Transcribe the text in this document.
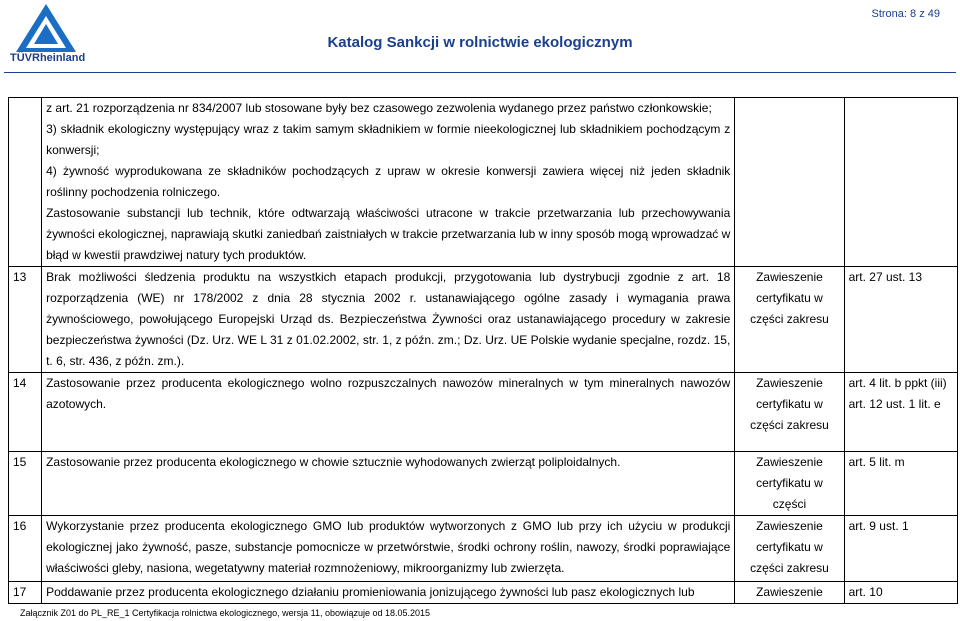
TÜVRheinland
Strona: 8 z 49
Katalog Sankcji w rolnictwie ekologicznym

	z art. 21 rozporządzenia nr 834/2007 lub stosowane były bez czasowego zezwolenia wydanego przez państwo członkowskie;
3) składnik ekologiczny występujący wraz z takim samym składnikiem w formie nieekologicznej lub składnikiem pochodzącym z konwersji;
4) żywność wyprodukowana ze składników pochodzących z upraw w okresie konwersji zawiera więcej niż jeden składnik roślinny pochodzenia rolniczego.
Zastosowanie substancji lub technik, które odtwarzają właściwości utracone w trakcie przetwarzania lub przechowywania żywności ekologicznej, naprawiają skutki zaniedbań zaistniałych w trakcie przetwarzania lub w inny sposób mogą wprowadzać w błąd w kwestii prawdziwej natury tych produktów.		

13	Brak możliwości śledzenia produktu na wszystkich etapach produkcji, przygotowania lub dystrybucji zgodnie z art. 18 rozporządzenia (WE) nr 178/2002 z dnia 28 stycznia 2002 r. ustanawiającego ogólne zasady i wymagania prawa żywnościowego, powołującego Europejski Urząd ds. Bezpieczeństwa Żywności oraz ustanawiającego procedury w zakresie bezpieczeństwa żywności (Dz. Urz. WE L 31 z 01.02.2002, str. 1, z późn. zm.; Dz. Urz. UE Polskie wydanie specjalne, rozdz. 15, t. 6, str. 436, z późn. zm.).	Zawieszenie certyfikatu w części zakresu	art. 27 ust. 13
14	Zastosowanie przez producenta ekologicznego wolno rozpuszczalnych nawozów mineralnych w tym mineralnych nawozów azotowych.	Zawieszenie certyfikatu w części zakresu	art. 4 lit. b ppkt (iii) art. 12 ust. 1 lit. e
15	Zastosowanie przez producenta ekologicznego w chowie sztucznie wyhodowanych zwierząt poliploidalnych.	Zawieszenie certyfikatu w części	art. 5 lit. m
16	Wykorzystanie przez producenta ekologicznego GMO lub produktów wytworzonych z GMO lub przy ich użyciu w produkcji ekologicznej jako żywność, pasze, substancje pomocnicze w przetwórstwie, środki ochrony roślin, nawozy, środki poprawiające właściwości gleby, nasiona, wegetatywny materiał rozmnożeniowy, mikroorganizmy lub zwierzęta.	Zawieszenie certyfikatu w części zakresu	art. 9 ust. 1
17	Poddawanie przez producenta ekologicznego działaniu promieniowania jonizującego żywności lub pasz ekologicznych lub	Zawieszenie	art. 10
Załącznik Z01 do PL_RE_1 Certyfikacja rolnictwa ekologicznego, wersja 11, obowiązuje od 18.05.2015
